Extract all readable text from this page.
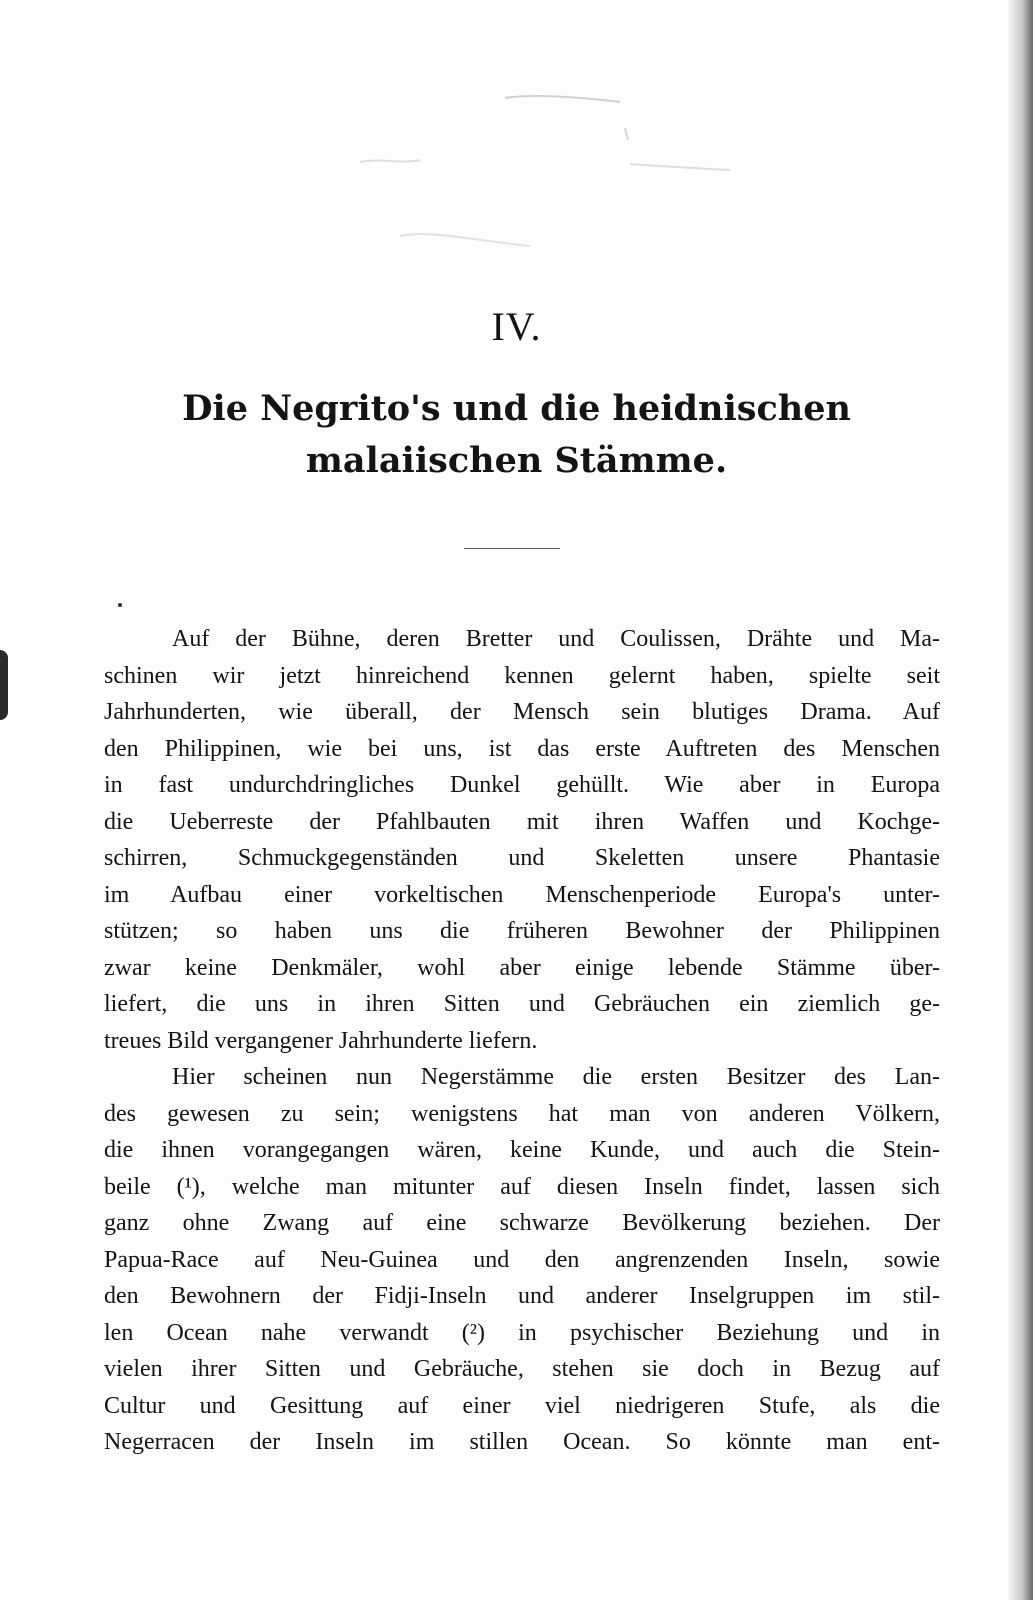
IV.
Die Negrito's und die heidnischen
malaiischen Stämme.
Auf der Bühne, deren Bretter und Coulissen, Drähte und Ma-
schinen wir jetzt hinreichend kennen gelernt haben, spielte seit
Jahrhunderten, wie überall, der Mensch sein blutiges Drama. Auf
den Philippinen, wie bei uns, ist das erste Auftreten des Menschen
in fast undurchdringliches Dunkel gehüllt. Wie aber in Europa
die Ueberreste der Pfahlbauten mit ihren Waffen und Kochge-
schirren, Schmuckgegenständen und Skeletten unsere Phantasie
im Aufbau einer vorkeltischen Menschenperiode Europa's unter-
stützen; so haben uns die früheren Bewohner der Philippinen
zwar keine Denkmäler, wohl aber einige lebende Stämme über-
liefert, die uns in ihren Sitten und Gebräuchen ein ziemlich ge-
treues Bild vergangener Jahrhunderte liefern.
Hier scheinen nun Negerstämme die ersten Besitzer des Lan-
des gewesen zu sein; wenigstens hat man von anderen Völkern,
die ihnen vorangegangen wären, keine Kunde, und auch die Stein-
beile (¹), welche man mitunter auf diesen Inseln findet, lassen sich
ganz ohne Zwang auf eine schwarze Bevölkerung beziehen. Der
Papua-Race auf Neu-Guinea und den angrenzenden Inseln, sowie
den Bewohnern der Fidji-Inseln und anderer Inselgruppen im stil-
len Ocean nahe verwandt (²) in psychischer Beziehung und in
vielen ihrer Sitten und Gebräuche, stehen sie doch in Bezug auf
Cultur und Gesittung auf einer viel niedrigeren Stufe, als die
Negerracen der Inseln im stillen Ocean. So könnte man ent-
